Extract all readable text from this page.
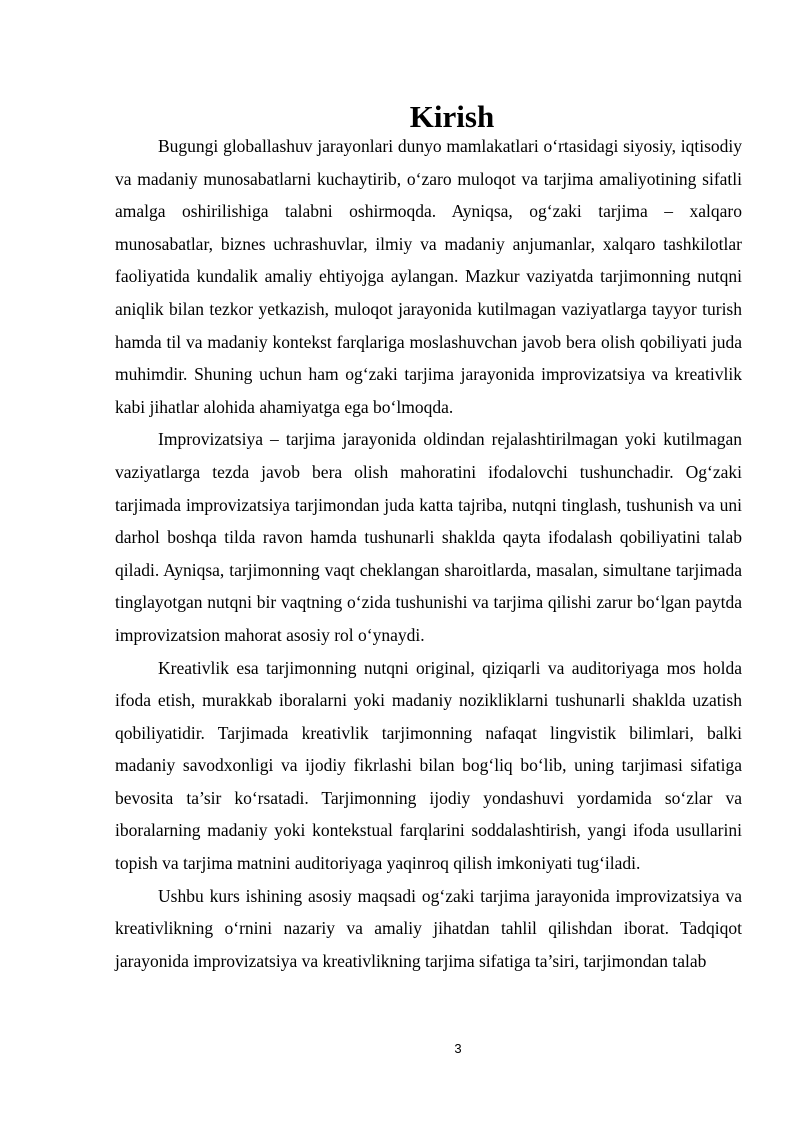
Kirish

Bugungi globallashuv jarayonlari dunyo mamlakatlari o‘rtasidagi siyosiy, iqtisodiy va madaniy munosabatlarni kuchaytirib, o‘zaro muloqot va tarjima amaliyotining sifatli amalga oshirilishiga talabni oshirmoqda. Ayniqsa, og‘zaki tarjima – xalqaro munosabatlar, biznes uchrashuvlar, ilmiy va madaniy anjumanlar, xalqaro tashkilotlar faoliyatida kundalik amaliy ehtiyojga aylangan. Mazkur vaziyatda tarjimonning nutqni aniqlik bilan tezkor yetkazish, muloqot jarayonida kutilmagan vaziyatlarga tayyor turish hamda til va madaniy kontekst farqlariga moslashuvchan javob bera olish qobiliyati juda muhimdir. Shuning uchun ham og‘zaki tarjima jarayonida improvizatsiya va kreativlik kabi jihatlar alohida ahamiyatga ega bo‘lmoqda.

Improvizatsiya – tarjima jarayonida oldindan rejalashtirilmagan yoki kutilmagan vaziyatlarga tezda javob bera olish mahoratini ifodalovchi tushunchadir. Og‘zaki tarjimada improvizatsiya tarjimondan juda katta tajriba, nutqni tinglash, tushunish va uni darhol boshqa tilda ravon hamda tushunarli shaklda qayta ifodalash qobiliyatini talab qiladi. Ayniqsa, tarjimonning vaqt cheklangan sharoitlarda, masalan, simultane tarjimada tinglayotgan nutqni bir vaqtning o‘zida tushunishi va tarjima qilishi zarur bo‘lgan paytda improvizatsion mahorat asosiy rol o‘ynaydi.

Kreativlik esa tarjimonning nutqni original, qiziqarli va auditoriyaga mos holda ifoda etish, murakkab iboralarni yoki madaniy nozikliklarni tushunarli shaklda uzatish qobiliyatidir. Tarjimada kreativlik tarjimonning nafaqat lingvistik bilimlari, balki madaniy savodxonligi va ijodiy fikrlashi bilan bog‘liq bo‘lib, uning tarjimasi sifatiga bevosita ta’sir ko‘rsatadi. Tarjimonning ijodiy yondashuvi yordamida so‘zlar va iboralarning madaniy yoki kontekstual farqlarini soddalashtirish, yangi ifoda usullarini topish va tarjima matnini auditoriyaga yaqinroq qilish imkoniyati tug‘iladi.

Ushbu kurs ishining asosiy maqsadi og‘zaki tarjima jarayonida improvizatsiya va kreativlikning o‘rnini nazariy va amaliy jihatdan tahlil qilishdan iborat. Tadqiqot jarayonida improvizatsiya va kreativlikning tarjima sifatiga ta’siri, tarjimondan talab

3
